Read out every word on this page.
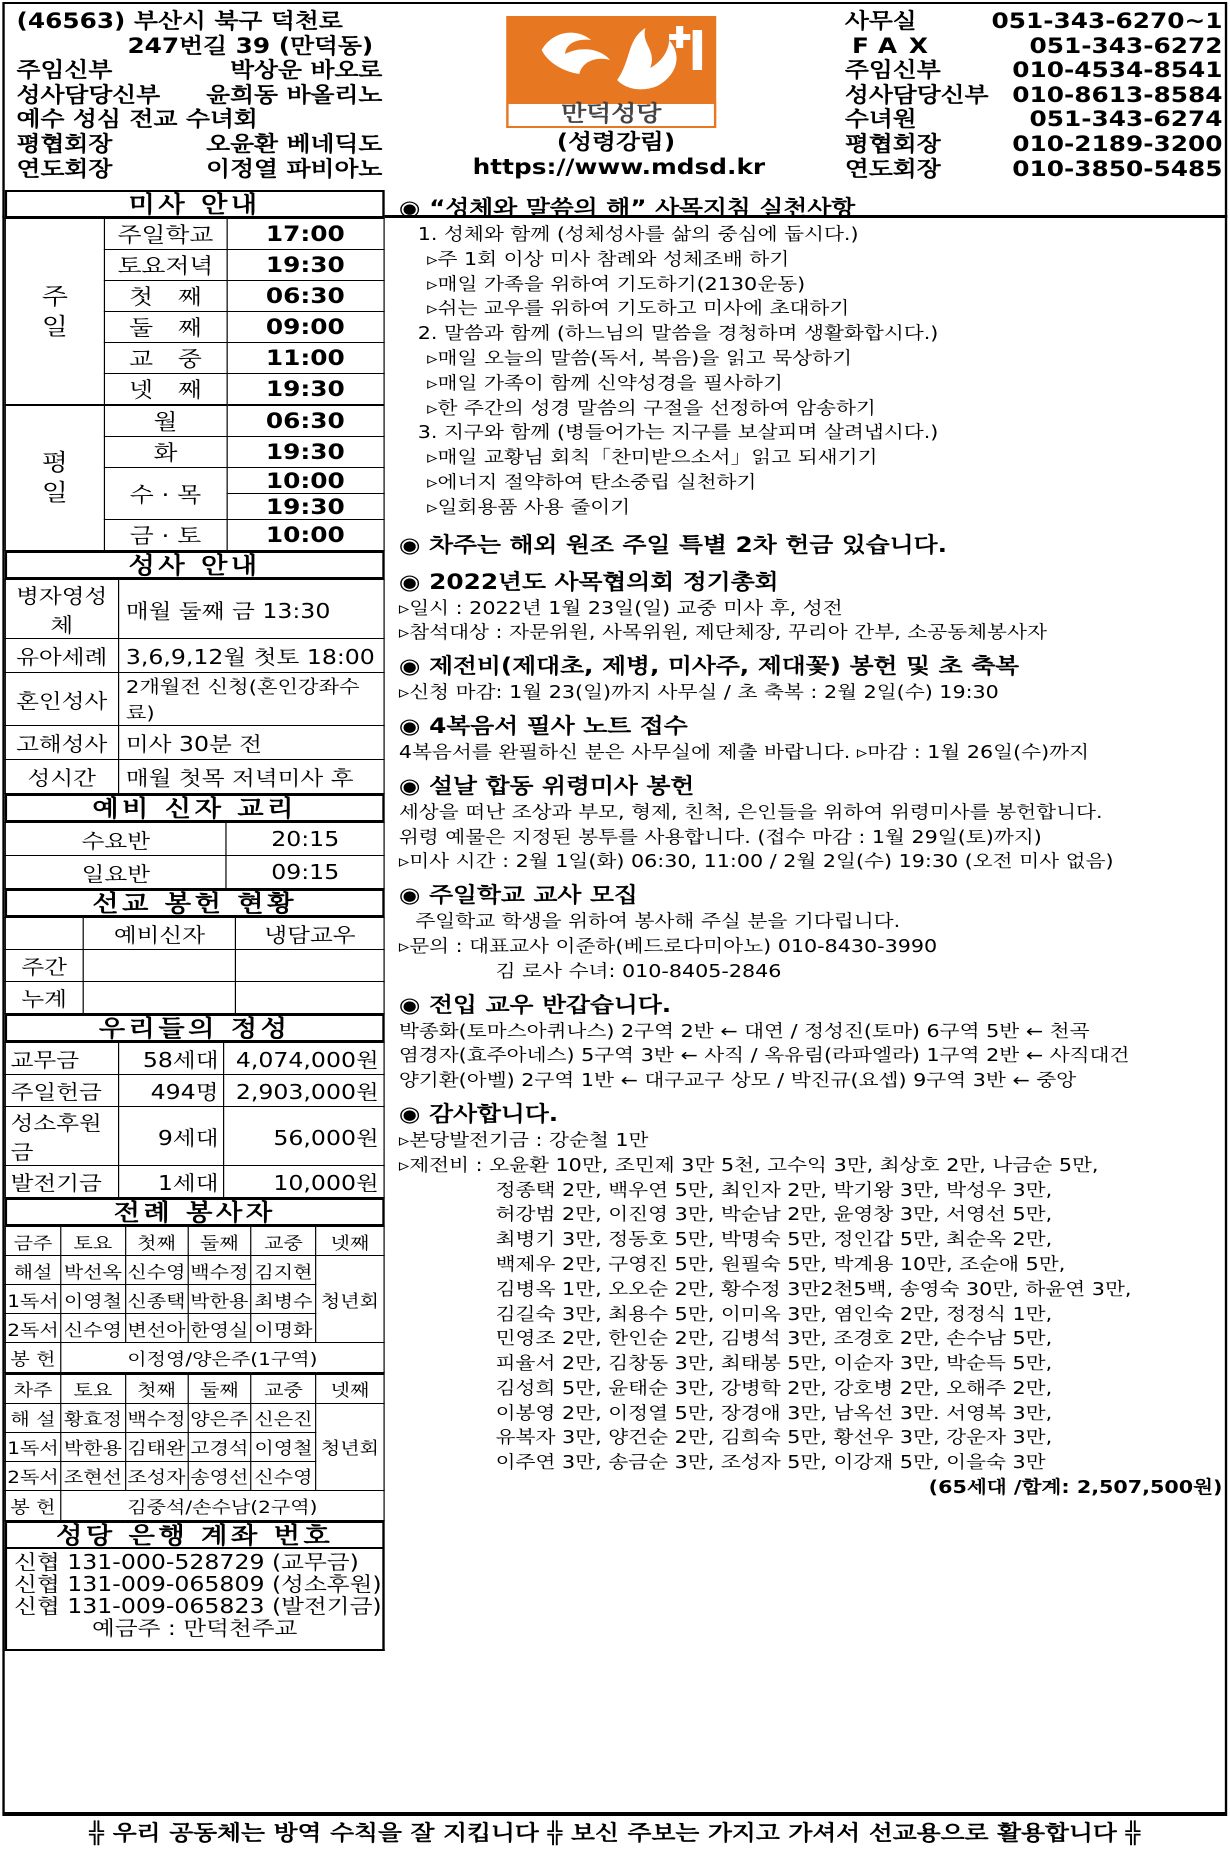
(46563) 부산시 북구 덕천로
247번길 39 (만덕동)
주임신부	박상운 바오로
성사담당신부 윤희동 바올리노
예수 성심 전교 수녀회
평협회장	오윤환 베네딕도
연도회장	이정열 파비아노
만덕성당
(성령강림)
https://www.mdsd.kr
사무실	051-343-6270~1
FAX	051-343-6272
주임신부	010-4534-8541
성사담당신부 010-8613-8584
수녀원	051-343-6274
평협회장	010-2189-3200
연도회장	010-3850-5485
미사 안내
주일	주일학교	17:00
	토요저녁	19:30
	첫　째	06:30
	둘　째	09:00
	교　중	11:00
	넷　째	19:30
평일	월	06:30
	화	19:30
	수 · 목	10:00
		19:30
	금 · 토	10:00
성사 안내
병자영성체	매월 둘째 금 13:30
유아세례	3,6,9,12월 첫토 18:00
혼인성사	2개월전 신청(혼인강좌수료)
고해성사	미사 30분 전
성시간	매월 첫목 저녁미사 후
예비 신자 교리
수요반	20:15
일요반	09:15
선교 봉헌 현황
	예비신자	냉담교우
주간		
누계		
우리들의 정성
교무금	58세대	4,074,000원
주일헌금	494명	2,903,000원
성소후원금	9세대	56,000원
발전기금	1세대	10,000원
전례 봉사자
금주	토요	첫째	둘째	교중	넷째
해설	박선옥	신수영	백수정	김지현	청년회
1독서	이영철	신종택	박한용	최병수	
2독서	신수영	변선아	한영실	이명화	
봉 헌	이정영/양은주(1구역)				
차주	토요	첫째	둘째	교중	넷째
해 설	황효정	백수정	양은주	신은진	청년회
1독서	박한용	김태완	고경석	이영철	
2독서	조현선	조성자	송영선	신수영	
봉 헌	김중석/손수남(2구역)				
성당 은행 계좌 번호
신협 131-000-528729 (교무금)
신협 131-009-065809 (성소후원)
신협 131-009-065823 (발전기금)
예금주 : 만덕천주교
◉ “성체와 말씀의 해” 사목지침 실천사항
1. 성체와 함께 (성체성사를 삶의 중심에 둡시다.)
▹주 1회 이상 미사 참례와 성체조배 하기
▹매일 가족을 위하여 기도하기(2130운동)
▹쉬는 교우를 위하여 기도하고 미사에 초대하기
2. 말씀과 함께 (하느님의 말씀을 경청하며 생활화합시다.)
▹매일 오늘의 말씀(독서, 복음)을 읽고 묵상하기
▹매일 가족이 함께 신약성경을 필사하기
▹한 주간의 성경 말씀의 구절을 선정하여 암송하기
3. 지구와 함께 (병들어가는 지구를 보살피며 살려냅시다.)
▹매일 교황님 회칙「찬미받으소서」읽고 되새기기
▹에너지 절약하여 탄소중립 실천하기
▹일회용품 사용 줄이기
◉ 차주는 해외 원조 주일 특별 2차 헌금 있습니다.
◉ 2022년도 사목협의회 정기총회
▹일시 : 2022년 1월 23일(일) 교중 미사 후, 성전
▹참석대상 : 자문위원, 사목위원, 제단체장, 꾸리아 간부, 소공동체봉사자
◉ 제전비(제대초, 제병, 미사주, 제대꽃) 봉헌 및 초 축복
▹신청 마감: 1월 23(일)까지 사무실 / 초 축복 : 2월 2일(수) 19:30
◉ 4복음서 필사 노트 접수
4복음서를 완필하신 분은 사무실에 제출 바랍니다. ▹마감 : 1월 26일(수)까지
◉ 설날 합동 위령미사 봉헌
세상을 떠난 조상과 부모, 형제, 친척, 은인들을 위하여 위령미사를 봉헌합니다.
위령 예물은 지정된 봉투를 사용합니다. (접수 마감 : 1월 29일(토)까지)
▹미사 시간 : 2월 1일(화) 06:30, 11:00 / 2월 2일(수) 19:30 (오전 미사 없음)
◉ 주일학교 교사 모집
주일학교 학생을 위하여 봉사해 주실 분을 기다립니다.
▹문의 : 대표교사 이준하(베드로다미아노) 010-8430-3990
김 로사 수녀: 010-8405-2846
◉ 전입 교우 반갑습니다.
박종화(토마스아퀴나스) 2구역 2반 ← 대연 / 정성진(토마) 6구역 5반 ← 천곡
염경자(효주아네스) 5구역 3반 ← 사직 / 옥유림(라파엘라) 1구역 2반 ← 사직대건
양기환(아벨) 2구역 1반 ← 대구교구 상모 / 박진규(요셉) 9구역 3반 ← 중앙
◉ 감사합니다.
▹본당발전기금 : 강순철 1만
▹제전비 : 오윤환 10만, 조민제 3만 5천, 고수익 3만, 최상호 2만, 나금순 5만,
정종택 2만, 백우연 5만, 최인자 2만, 박기왕 3만, 박성우 3만,
허강범 2만, 이진영 3만, 박순남 2만, 윤영창 3만, 서영선 5만,
최병기 3만, 정동호 5만, 박명숙 5만, 정인갑 5만, 최순옥 2만,
백제우 2만, 구영진 5만, 원필숙 5만, 박계용 10만, 조순애 5만,
김병옥 1만, 오오순 2만, 황수정 3만2천5백, 송영숙 30만, 하윤연 3만,
김길숙 3만, 최용수 5만, 이미옥 3만, 염인숙 2만, 정정식 1만,
민영조 2만, 한인순 2만, 김병석 3만, 조경호 2만, 손수남 5만,
피율서 2만, 김창동 3만, 최태봉 5만, 이순자 3만, 박순득 5만,
김성희 5만, 윤태순 3만, 강병학 2만, 강호병 2만, 오해주 2만,
이봉영 2만, 이정열 5만, 장경애 3만, 남옥선 3만. 서영복 3만,
유복자 3만, 양건순 2만, 김희숙 5만, 황선우 3만, 강운자 3만,
이주연 3만, 송금순 3만, 조성자 5만, 이강재 5만, 이을숙 3만
(65세대 /합계: 2,507,500원)
╬ 우리 공동체는 방역 수칙을 잘 지킵니다 ╬ 보신 주보는 가지고 가셔서 선교용으로 활용합니다 ╬
